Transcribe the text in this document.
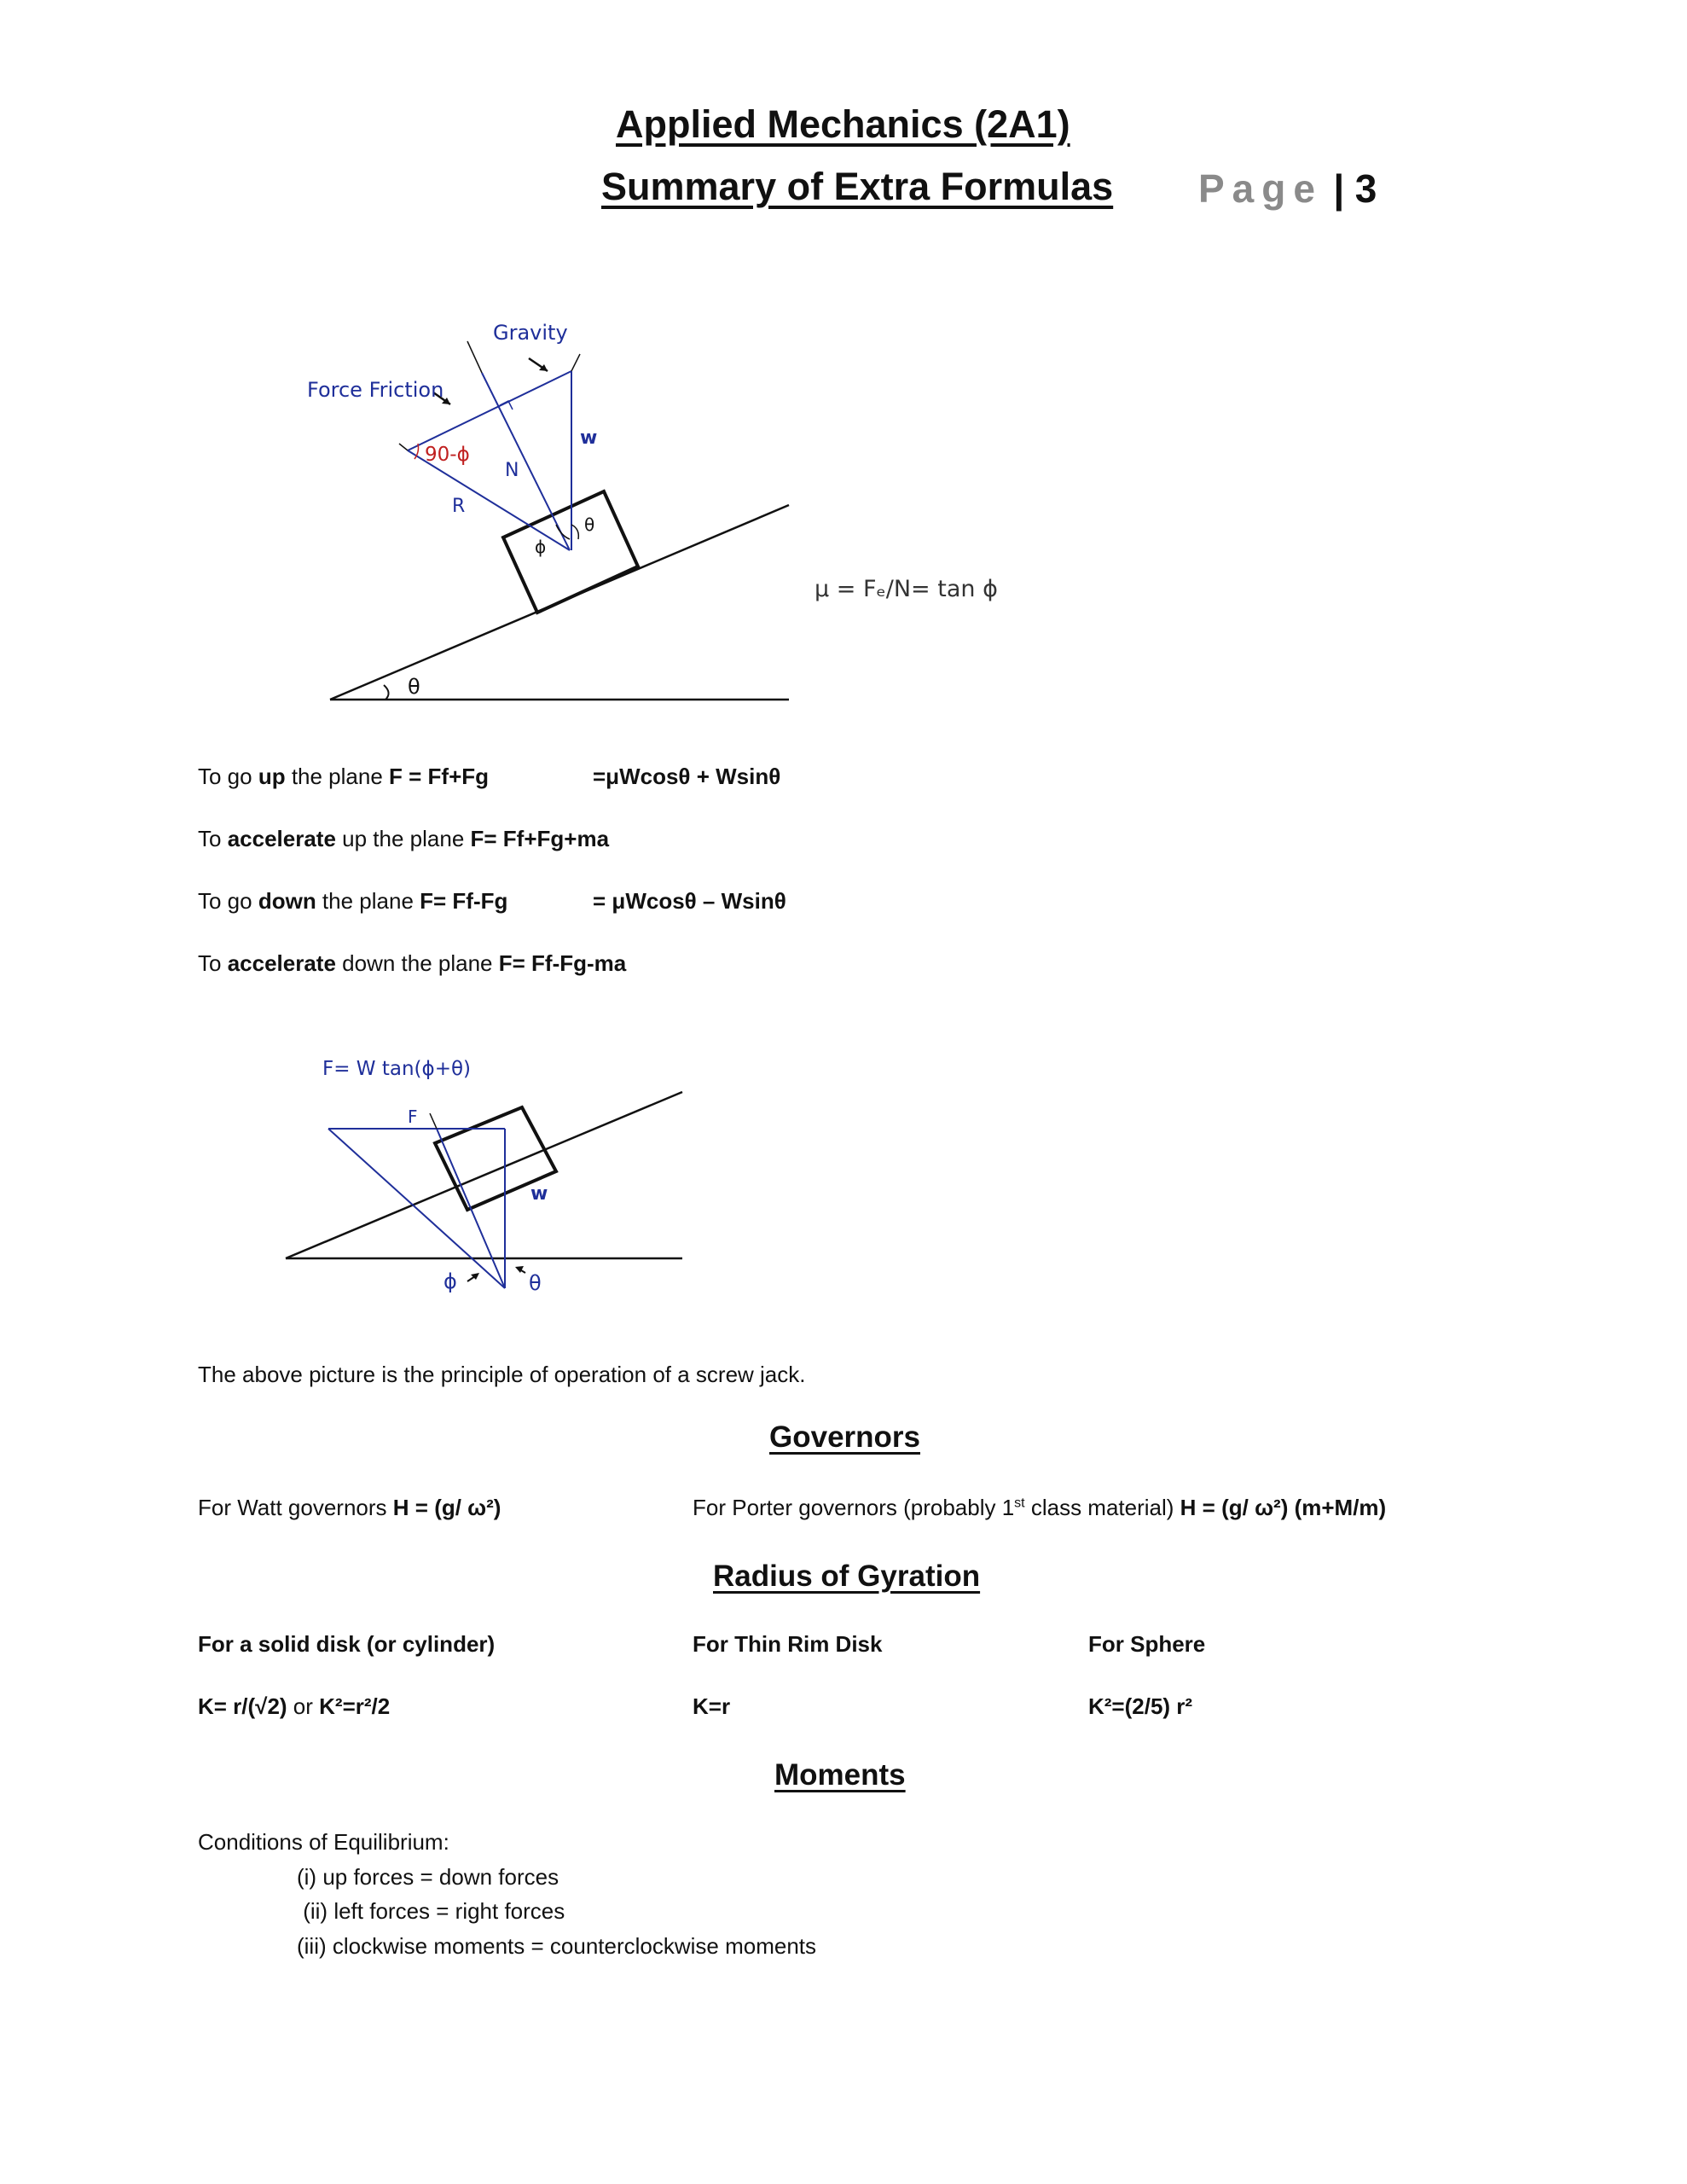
Applied Mechanics (2A1)
Summary of Extra Formulas Page | 3
θ
Gravity
Force Friction
90-ϕ
N
w
R
ϕ
θ
μ = Fₑ/N= tan ϕ
To go up the plane F = Ff+Fg	=μWcosθ + Wsinθ
To accelerate up the plane F= Ff+Fg+ma
To go down the plane F= Ff-Fg	= μWcosθ – Wsinθ
To accelerate down the plane F= Ff-Fg-ma
F= W tan(ϕ+θ)
F
w
ϕ	θ
The above picture is the principle of operation of a screw jack.
Governors
For Watt governors H = (g/ ω²)	For Porter governors (probably 1st class material) H = (g/ ω²) (m+M/m)
Radius of Gyration
For a solid disk (or cylinder)	For Thin Rim Disk	For Sphere
K= r/(√2) or K²=r²/2	K=r	K²=(2/5) r²
Moments
Conditions of Equilibrium:
(i) up forces = down forces
(ii) left forces = right forces
(iii) clockwise moments = counterclockwise moments
